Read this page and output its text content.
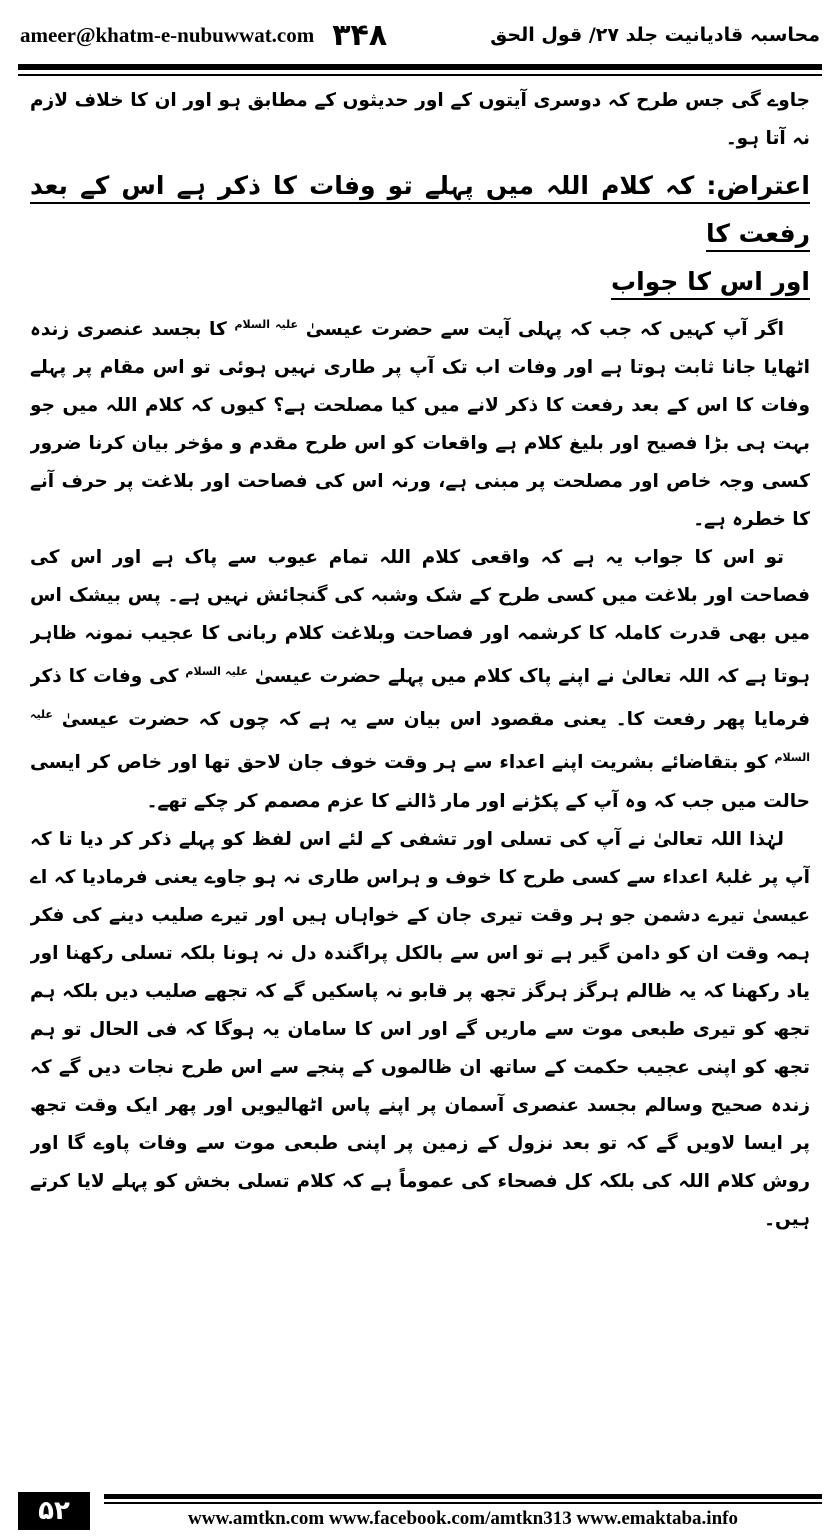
ameer@khatm-e-nubuwwat.com ۳۴۸	محاسبہ قادیانیت جلد ۲۷/ قول الحق

جاوے گی جس طرح کہ دوسری آیتوں کے اور حدیثوں کے مطابق ہو اور ان کا خلاف لازم نہ آتا ہو۔

اعتراض: کہ کلام اللہ میں پہلے تو وفات کا ذکر ہے اس کے بعد رفعت کا

اور اس کا جواب

اگر آپ کہیں کہ جب کہ پہلی آیت سے حضرت عیسیٰ $^{علیہ السلام}$ کا بجسد عنصری زندہ اٹھایا جانا ثابت ہوتا ہے اور وفات اب تک آپ پر طاری نہیں ہوئی تو اس مقام پر پہلے وفات کا اس کے بعد رفعت کا ذکر لانے میں کیا مصلحت ہے؟ کیوں کہ کلام اللہ میں جو بہت ہی بڑا فصیح اور بلیغ کلام ہے واقعات کو اس طرح مقدم و مؤخر بیان کرنا ضرور کسی وجہ خاص اور مصلحت پر مبنی ہے، ورنہ اس کی فصاحت اور بلاغت پر حرف آنے کا خطرہ ہے۔

تو اس کا جواب یہ ہے کہ واقعی کلام اللہ تمام عیوب سے پاک ہے اور اس کی فصاحت اور بلاغت میں کسی طرح کے شک وشبہ کی گنجائش نہیں ہے۔ پس بیشک اس میں بھی قدرت کاملہ کا کرشمہ اور فصاحت وبلاغت کلام ربانی کا عجیب نمونہ ظاہر ہوتا ہے کہ اللہ تعالیٰ نے اپنے پاک کلام میں پہلے حضرت عیسیٰ $^{علیہ السلام}$ کی وفات کا ذکر فرمایا پھر رفعت کا۔ یعنی مقصود اس بیان سے یہ ہے کہ چوں کہ حضرت عیسیٰ $^{علیہ السلام}$ کو بتقاضائے بشریت اپنے اعداء سے ہر وقت خوف جان لاحق تھا اور خاص کر ایسی حالت میں جب کہ وہ آپ کے پکڑنے اور مار ڈالنے کا عزم مصمم کر چکے تھے۔

لہٰذا اللہ تعالیٰ نے آپ کی تسلی اور تشفی کے لئے اس لفظ کو پہلے ذکر کر دیا تا کہ آپ پر غلبۂ اعداء سے کسی طرح کا خوف و ہراس طاری نہ ہو جاوے یعنی فرمادیا کہ اے عیسیٰ تیرے دشمن جو ہر وقت تیری جان کے خواہاں ہیں اور تیرے صلیب دینے کی فکر ہمہ وقت ان کو دامن گیر ہے تو اس سے بالکل پراگندہ دل نہ ہونا بلکہ تسلی رکھنا اور یاد رکھنا کہ یہ ظالم ہرگز ہرگز تجھ پر قابو نہ پاسکیں گے کہ تجھے صلیب دیں بلکہ ہم تجھ کو تیری طبعی موت سے ماریں گے اور اس کا سامان یہ ہوگا کہ فی الحال تو ہم تجھ کو اپنی عجیب حکمت کے ساتھ ان ظالموں کے پنجے سے اس طرح نجات دیں گے کہ زندہ صحیح وسالم بجسد عنصری آسمان پر اپنے پاس اٹھالیویں اور پھر ایک وقت تجھ پر ایسا لاویں گے کہ تو بعد نزول کے زمین پر اپنی طبعی موت سے وفات پاوے گا اور روش کلام اللہ کی بلکہ کل فصحاء کی عموماً ہے کہ کلام تسلی بخش کو پہلے لایا کرتے ہیں۔

۵۲	www.amtkn.com www.facebook.com/amtkn313 www.emaktaba.info
